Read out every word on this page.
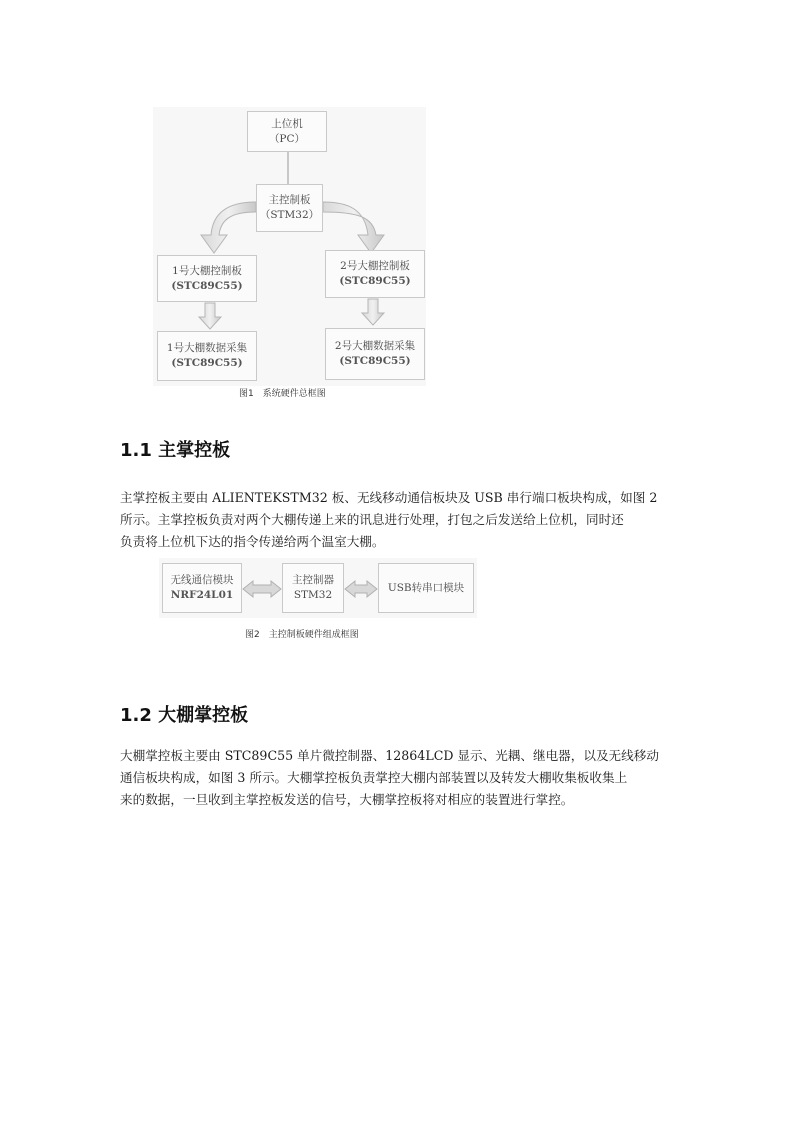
上位机
（PC）
主控制板
（STM32）
1号大棚控制板
(STC89C55)
2号大棚控制板
(STC89C55)
1号大棚数据采集
(STC89C55)
2号大棚数据采集
(STC89C55)
图1　系统硬件总框图
1.1 主掌控板
主掌控板主要由 ALIENTEKSTM32 板、无线移动通信板块及 USB 串行端口板块构成，如图 2
所示。主掌控板负责对两个大棚传递上来的讯息进行处理，打包之后发送给上位机，同时还
负责将上位机下达的指令传递给两个温室大棚。
无线通信模块
NRF24L01
主控制器
STM32
USB转串口模块
图2　主控制板硬件组成框图
1.2 大棚掌控板
大棚掌控板主要由 STC89C55 单片微控制器、12864LCD 显示、光耦、继电器，以及无线移动
通信板块构成，如图 3 所示。大棚掌控板负责掌控大棚内部装置以及转发大棚收集板收集上
来的数据，一旦收到主掌控板发送的信号，大棚掌控板将对相应的装置进行掌控。
